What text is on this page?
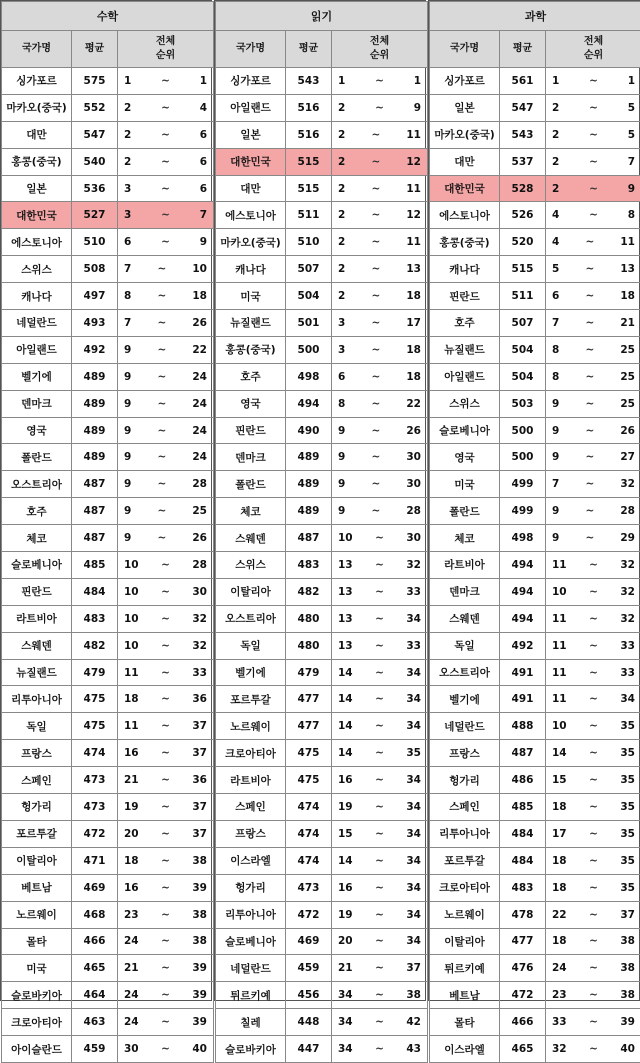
수학		
국가명	평균	전체
순위
싱가포르	575	1 ~ 1

마카오(중국)	552	2 ~ 4

대만	547	2 ~ 6

홍콩(중국)	540	2 ~ 6

일본	536	3 ~ 6

대한민국	527	3 ~ 7

에스토니아	510	6 ~ 9

스위스	508	7 ~ 10

캐나다	497	8 ~ 18

네덜란드	493	7 ~ 26

아일랜드	492	9 ~ 22

벨기에	489	9 ~ 24

덴마크	489	9 ~ 24

영국	489	9 ~ 24

폴란드	489	9 ~ 24

오스트리아	487	9 ~ 28

호주	487	9 ~ 25

체코	487	9 ~ 26

슬로베니아	485	10 ~ 28

핀란드	484	10 ~ 30

라트비아	483	10 ~ 32

스웨덴	482	10 ~ 32

뉴질랜드	479	11 ~ 33

리투아니아	475	18 ~ 36

독일	475	11 ~ 37

프랑스	474	16 ~ 37

스페인	473	21 ~ 36

헝가리	473	19 ~ 37

포르투갈	472	20 ~ 37

이탈리아	471	18 ~ 38

베트남	469	16 ~ 39

노르웨이	468	23 ~ 38

몰타	466	24 ~ 38

미국	465	21 ~ 39

슬로바키아	464	24 ~ 39

크로아티아	463	24 ~ 39

아이슬란드	459	30 ~ 40
읽기		
국가명	평균	전체
순위
싱가포르	543	1 ~ 1

아일랜드	516	2 ~ 9

일본	516	2 ~ 11

대한민국	515	2 ~ 12

대만	515	2 ~ 11

에스토니아	511	2 ~ 12

마카오(중국)	510	2 ~ 11

캐나다	507	2 ~ 13

미국	504	2 ~ 18

뉴질랜드	501	3 ~ 17

홍콩(중국)	500	3 ~ 18

호주	498	6 ~ 18

영국	494	8 ~ 22

핀란드	490	9 ~ 26

덴마크	489	9 ~ 30

폴란드	489	9 ~ 30

체코	489	9 ~ 28

스웨덴	487	10 ~ 30

스위스	483	13 ~ 32

이탈리아	482	13 ~ 33

오스트리아	480	13 ~ 34

독일	480	13 ~ 33

벨기에	479	14 ~ 34

포르투갈	477	14 ~ 34

노르웨이	477	14 ~ 34

크로아티아	475	14 ~ 35

라트비아	475	16 ~ 34

스페인	474	19 ~ 34

프랑스	474	15 ~ 34

이스라엘	474	14 ~ 34

헝가리	473	16 ~ 34

리투아니아	472	19 ~ 34

슬로베니아	469	20 ~ 34

네덜란드	459	21 ~ 37

튀르키예	456	34 ~ 38

칠레	448	34 ~ 42

슬로바키아	447	34 ~ 43
과학		
국가명	평균	전체
순위
싱가포르	561	1 ~ 1

일본	547	2 ~ 5

마카오(중국)	543	2 ~ 5

대만	537	2 ~ 7

대한민국	528	2 ~ 9

에스토니아	526	4 ~ 8

홍콩(중국)	520	4 ~ 11

캐나다	515	5 ~ 13

핀란드	511	6 ~ 18

호주	507	7 ~ 21

뉴질랜드	504	8 ~ 25

아일랜드	504	8 ~ 25

스위스	503	9 ~ 25

슬로베니아	500	9 ~ 26

영국	500	9 ~ 27

미국	499	7 ~ 32

폴란드	499	9 ~ 28

체코	498	9 ~ 29

라트비아	494	11 ~ 32

덴마크	494	10 ~ 32

스웨덴	494	11 ~ 32

독일	492	11 ~ 33

오스트리아	491	11 ~ 33

벨기에	491	11 ~ 34

네덜란드	488	10 ~ 35

프랑스	487	14 ~ 35

헝가리	486	15 ~ 35

스페인	485	18 ~ 35

리투아니아	484	17 ~ 35

포르투갈	484	18 ~ 35

크로아티아	483	18 ~ 35

노르웨이	478	22 ~ 37

이탈리아	477	18 ~ 38

튀르키예	476	24 ~ 38

베트남	472	23 ~ 38

몰타	466	33 ~ 39

이스라엘	465	32 ~ 40
